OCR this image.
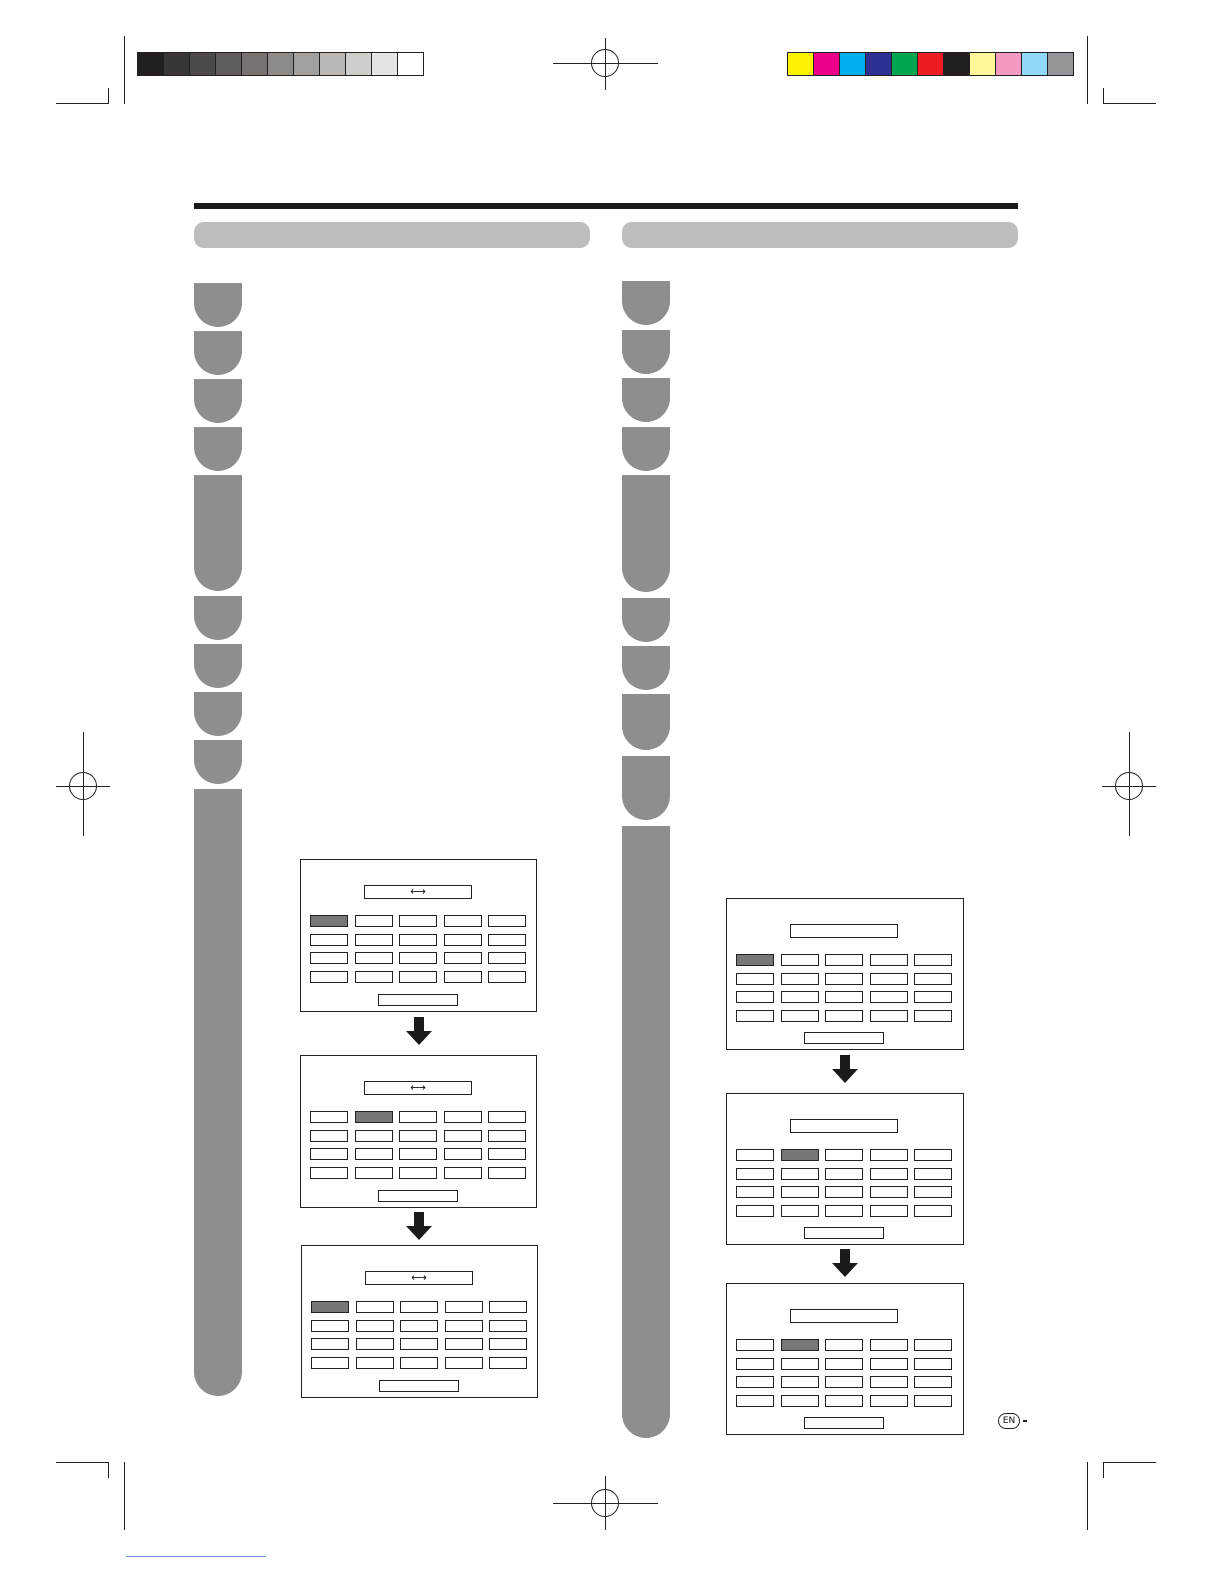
⟷
⟷
⟷
EN
